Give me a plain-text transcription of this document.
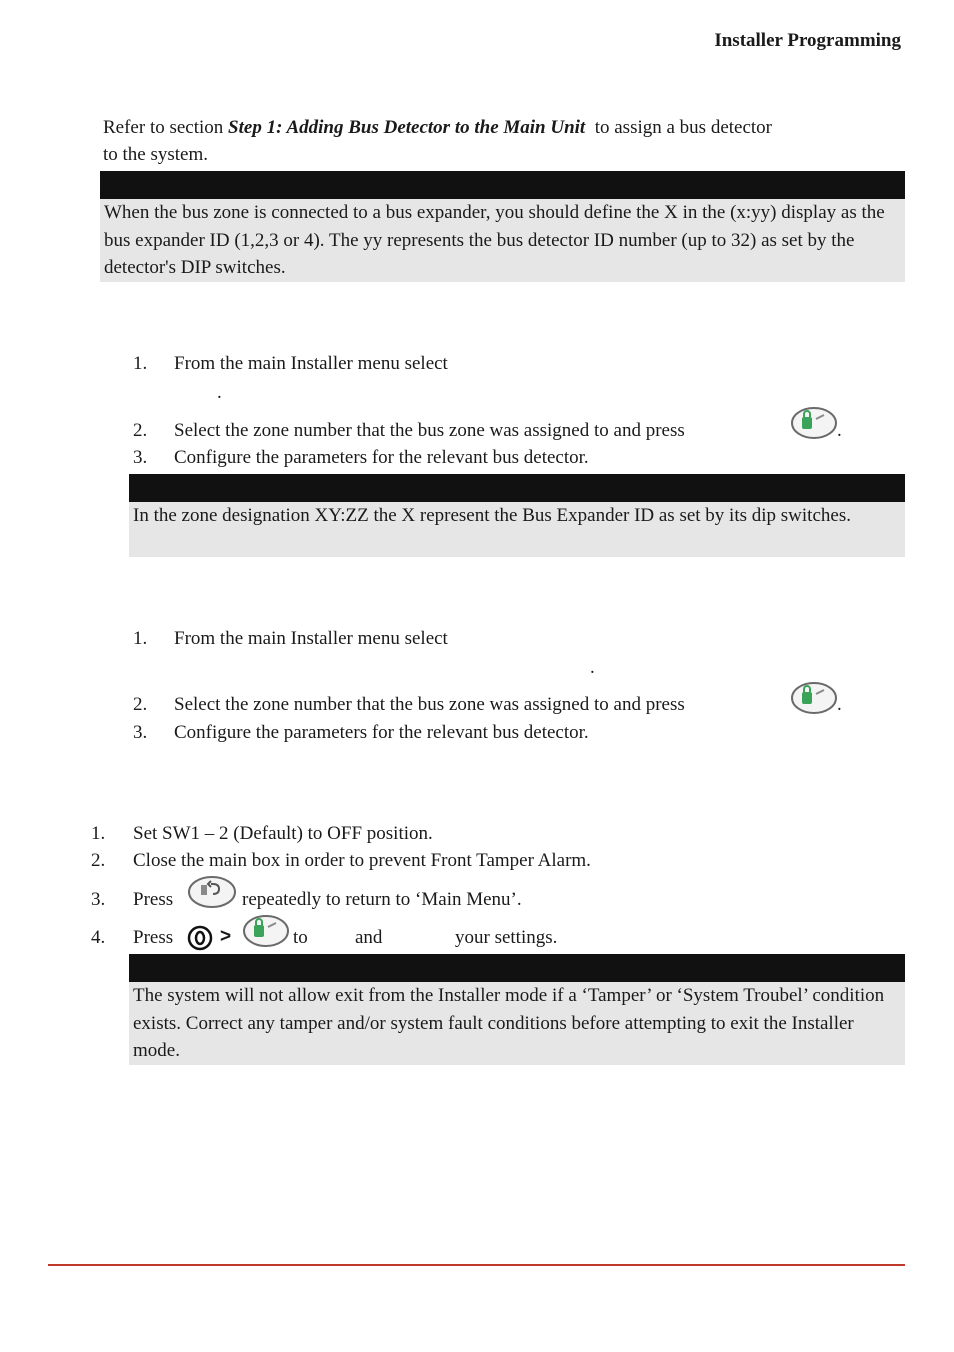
Installer Programming
Refer to section Step 1: Adding Bus Detector to the Main Unit  to assign a bus detector
to the system.
When the bus zone is connected to a bus expander, you should define the X in the (x:yy) display as the bus expander ID (1,2,3 or 4). The yy represents the bus detector ID number (up to 32) as set by the detector's DIP switches.
1.	From the main Installer menu select
.
2.	Select the zone number that the bus zone was assigned to and press	.
3.	Configure the parameters for the relevant bus detector.
In the zone designation XY:ZZ the X represent the Bus Expander ID as set by its dip switches.
1.	From the main Installer menu select
.
2.	Select the zone number that the bus zone was assigned to and press	.
3.	Configure the parameters for the relevant bus detector.
1.	Set SW1 – 2 (Default) to OFF position.
2.	Close the main box in order to prevent Front Tamper Alarm.
3.	Press	repeatedly to return to ‘Main Menu’.
4.	Press >	to and	your settings.
The system will not allow exit from the Installer mode if a ‘Tamper’ or ‘System Troubel’ condition exists. Correct any tamper and/or system fault conditions before attempting to exit the Installer mode.
